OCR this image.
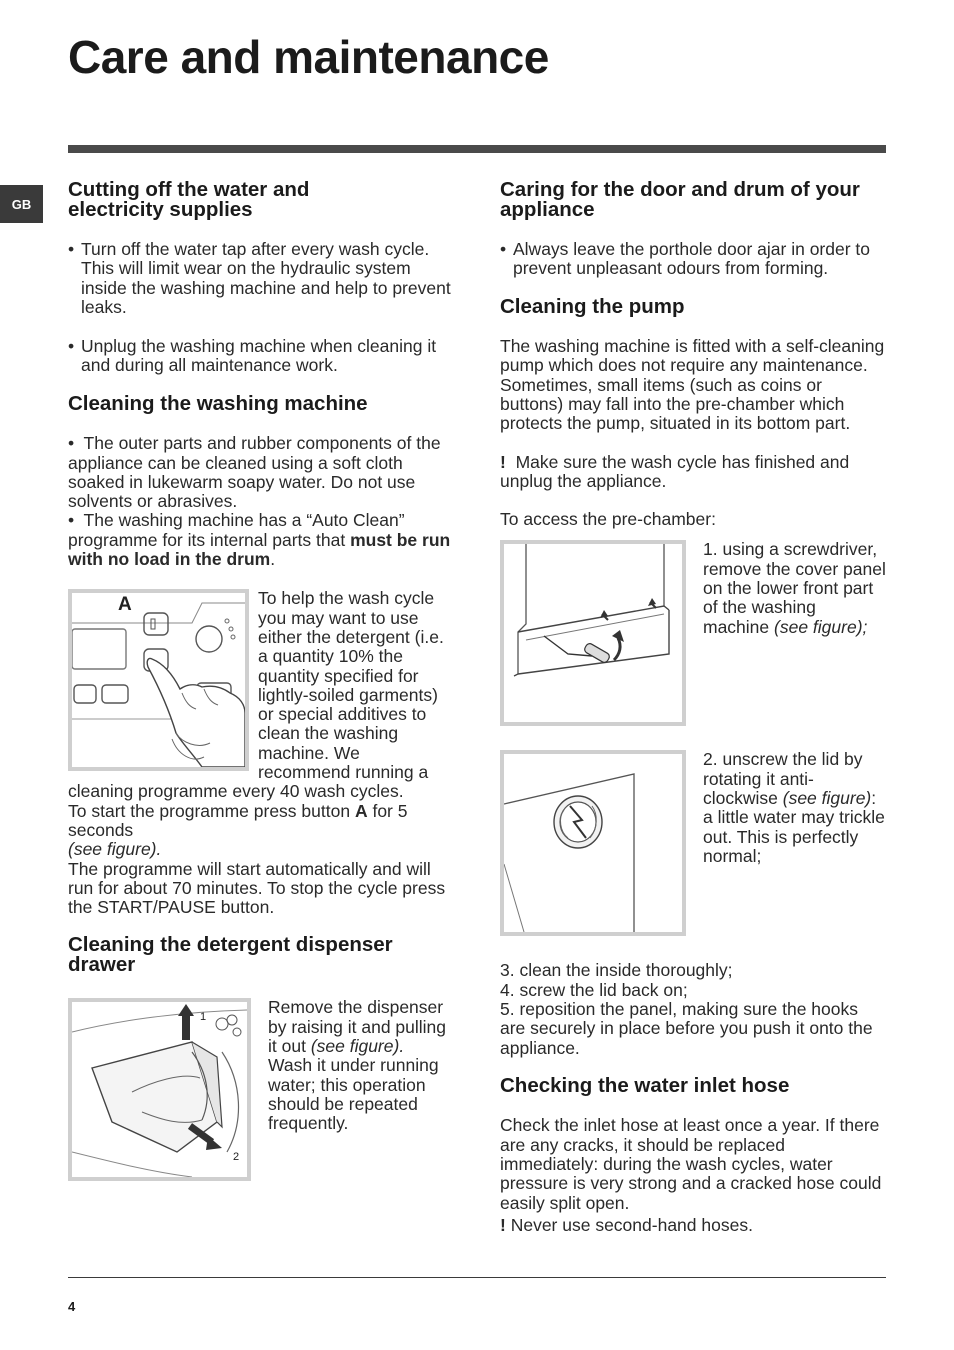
Care and maintenance
GB
Cutting off the water and electricity supplies
• Turn off the water tap after every wash cycle. This will limit wear on the hydraulic system inside the washing machine and help to prevent leaks.
• Unplug the washing machine when cleaning it and during all maintenance work.
Cleaning the washing machine

•  The outer parts and rubber components of the appliance can be cleaned using a soft cloth soaked in lukewarm soapy water. Do not use solvents or abrasives.

•  The washing machine has a “Auto Clean” programme for its internal parts that must be run with no load in the drum.

A	To help the wash cycle you may want to use either the detergent (i.e. a quantity 10% the quantity specified for lightly-soiled garments) or special additives to clean the washing machine. We recommend running a cleaning programme every 40 wash cycles.

To start the programme press button A for 5 seconds

(see figure).

The programme will start automatically and will run for about 70 minutes. To stop the cycle press the START/PAUSE button.

Cleaning the detergent dispenser drawer
1
2

Remove the dispenser by raising it and pulling it out (see figure).

Wash it under running water; this operation should be repeated frequently.

Caring for the door and drum of your appliance
• Always leave the porthole door ajar in order to prevent unpleasant odours from forming.
Cleaning the pump

The washing machine is fitted with a self-cleaning pump which does not require any maintenance. Sometimes, small items (such as coins or buttons) may fall into the pre-chamber which protects the pump, situated in its bottom part.

! Make sure the wash cycle has finished and unplug the appliance.

To access the pre-chamber:

1. using a screwdriver, remove the cover panel on the lower front part of the washing machine (see figure);

2. unscrew the lid by rotating it anti-clockwise (see figure): a little water may trickle out. This is perfectly normal;

3. clean the inside thoroughly;

4. screw the lid back on;

5. reposition the panel, making sure the hooks are securely in place before you push it onto the appliance.

Checking the water inlet hose

Check the inlet hose at least once a year. If there are any cracks, it should be replaced immediately: during the wash cycles, water pressure is very strong and a cracked hose could easily split open.

! Never use second-hand hoses.

4
